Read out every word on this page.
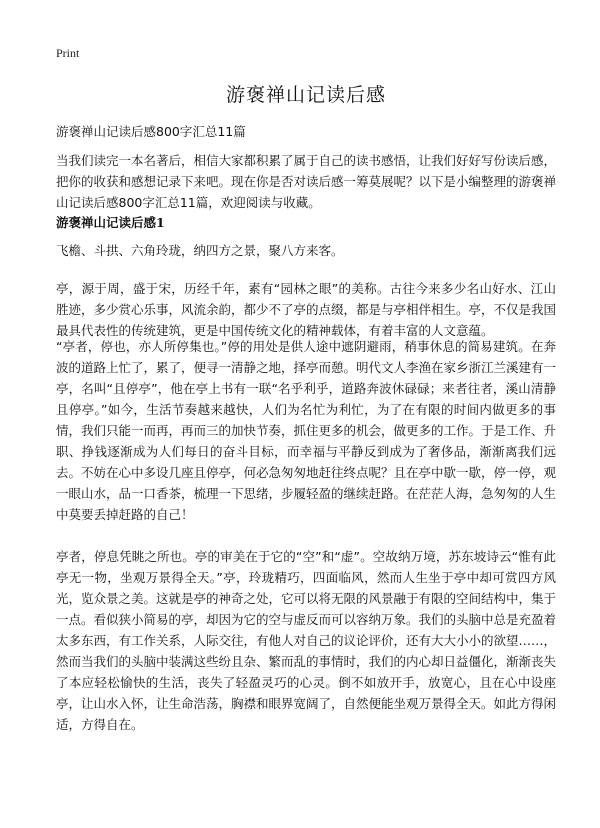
Print
游褒禅山记读后感
游褒禅山记读后感800字汇总11篇

当我们读完一本名著后，相信大家都积累了属于自己的读书感悟，让我们好好写份读后感，把你的收获和感想记录下来吧。现在你是否对读后感一筹莫展呢？以下是小编整理的游褒禅山记读后感800字汇总11篇，欢迎阅读与收藏。

游褒禅山记读后感1

飞檐、斗拱、六角玲珑，纳四方之景，聚八方来客。

亭，源于周，盛于宋，历经千年，素有“园林之眼”的美称。古往今来多少名山好水、江山胜迹，多少赏心乐事，风流余韵，都少不了亭的点缀，都是与亭相伴相生。亭，不仅是我国最具代表性的传统建筑，更是中国传统文化的精神载体，有着丰富的人文意蕴。

“亭者，停也，亦人所停集也。”停的用处是供人途中遮阴避雨，稍事休息的简易建筑。在奔波的道路上忙了，累了，便寻一清静之地，择亭而憩。明代文人李渔在家乡浙江兰溪建有一亭，名叫“且停亭”，他在亭上书有一联“名乎利乎，道路奔波休碌碌；来者往者，溪山清静且停亭。”如今，生活节奏越来越快，人们为名忙为利忙，为了在有限的时间内做更多的事情，我们只能一而再，再而三的加快节奏，抓住更多的机会，做更多的工作。于是工作、升职、挣钱逐渐成为人们每日的奋斗目标，而幸福与平静反到成为了奢侈品，渐渐离我们远去。不妨在心中多设几座且停亭，何必急匆匆地赶往终点呢？且在亭中歇一歇，停一停，观一眼山水，品一口香茶，梳理一下思绪，步履轻盈的继续赶路。在茫茫人海，急匆匆的人生中莫要丢掉赶路的自己！

亭者，停息凭眺之所也。亭的审美在于它的“空”和“虚”。空故纳万境，苏东坡诗云“惟有此亭无一物，坐观万景得全天。”亭，玲珑精巧，四面临风，然而人生坐于亭中却可赏四方风光，览众景之美。这就是亭的神奇之处，它可以将无限的风景融于有限的空间结构中，集于一点。看似狭小简易的亭，却因为它的空与虚反而可以容纳万象。我们的头脑中总是充盈着太多东西，有工作关系，人际交往，有他人对自己的议论评价，还有大大小小的欲望……，然而当我们的头脑中装满这些纷且杂、繁而乱的事情时，我们的内心却日益僵化，渐渐丧失了本应轻松愉快的生活，丧失了轻盈灵巧的心灵。倒不如放开手，放宽心，且在心中设座亭，让山水入怀，让生命浩荡，胸襟和眼界宽阔了，自然便能坐观万景得全天。如此方得闲适，方得自在。
